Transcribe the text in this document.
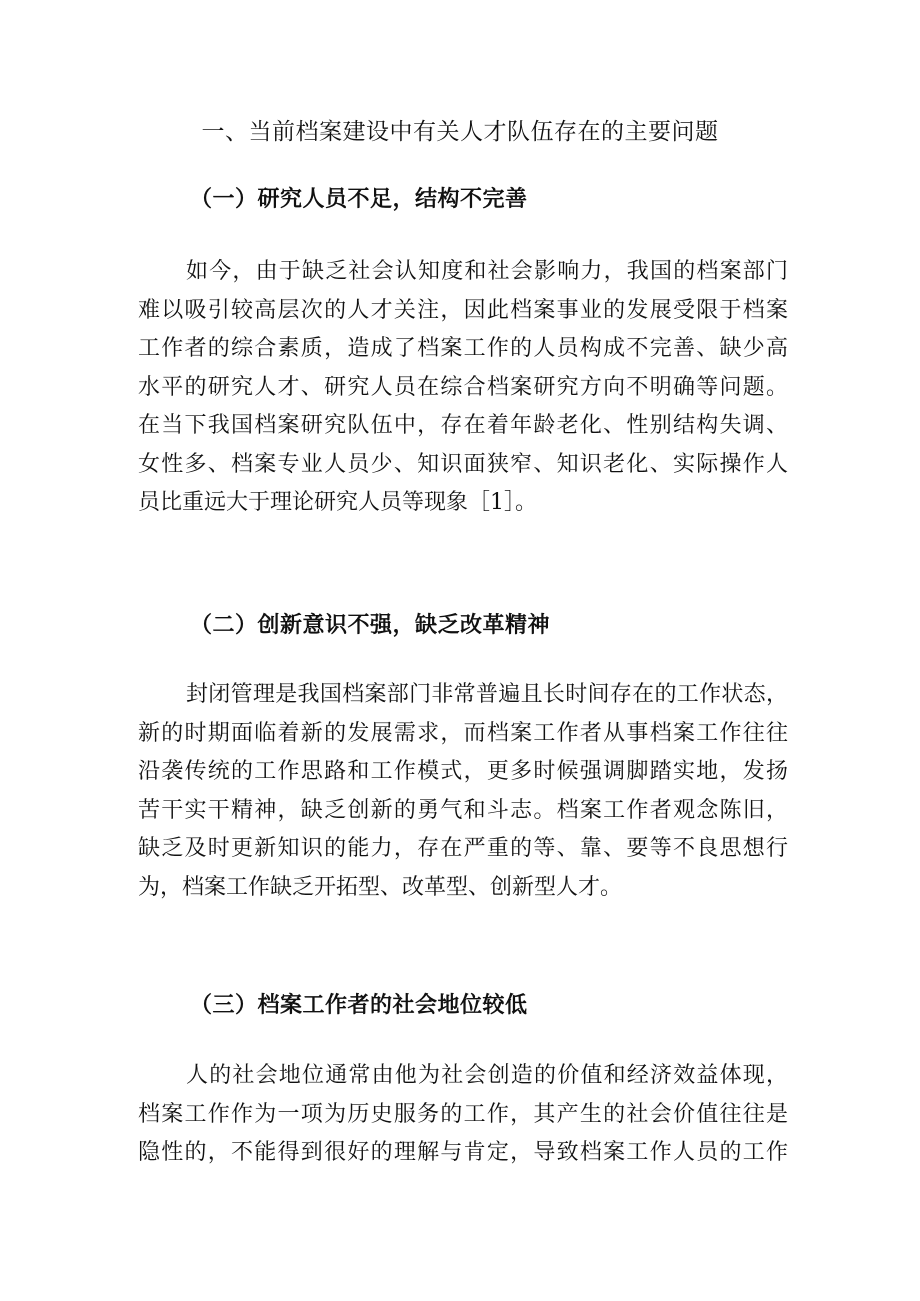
一、当前档案建设中有关人才队伍存在的主要问题
（一）研究人员不足，结构不完善
如今，由于缺乏社会认知度和社会影响力，我国的档案部门
难以吸引较高层次的人才关注，因此档案事业的发展受限于档案
工作者的综合素质，造成了档案工作的人员构成不完善、缺少高
水平的研究人才、研究人员在综合档案研究方向不明确等问题。
在当下我国档案研究队伍中，存在着年龄老化、性别结构失调、
女性多、档案专业人员少、知识面狭窄、知识老化、实际操作人
员比重远大于理论研究人员等现象［1］。
（二）创新意识不强，缺乏改革精神
封闭管理是我国档案部门非常普遍且长时间存在的工作状态，
新的时期面临着新的发展需求，而档案工作者从事档案工作往往
沿袭传统的工作思路和工作模式，更多时候强调脚踏实地，发扬
苦干实干精神，缺乏创新的勇气和斗志。档案工作者观念陈旧，
缺乏及时更新知识的能力，存在严重的等、靠、要等不良思想行
为，档案工作缺乏开拓型、改革型、创新型人才。
（三）档案工作者的社会地位较低
人的社会地位通常由他为社会创造的价值和经济效益体现，
档案工作作为一项为历史服务的工作，其产生的社会价值往往是
隐性的，不能得到很好的理解与肯定，导致档案工作人员的工作
